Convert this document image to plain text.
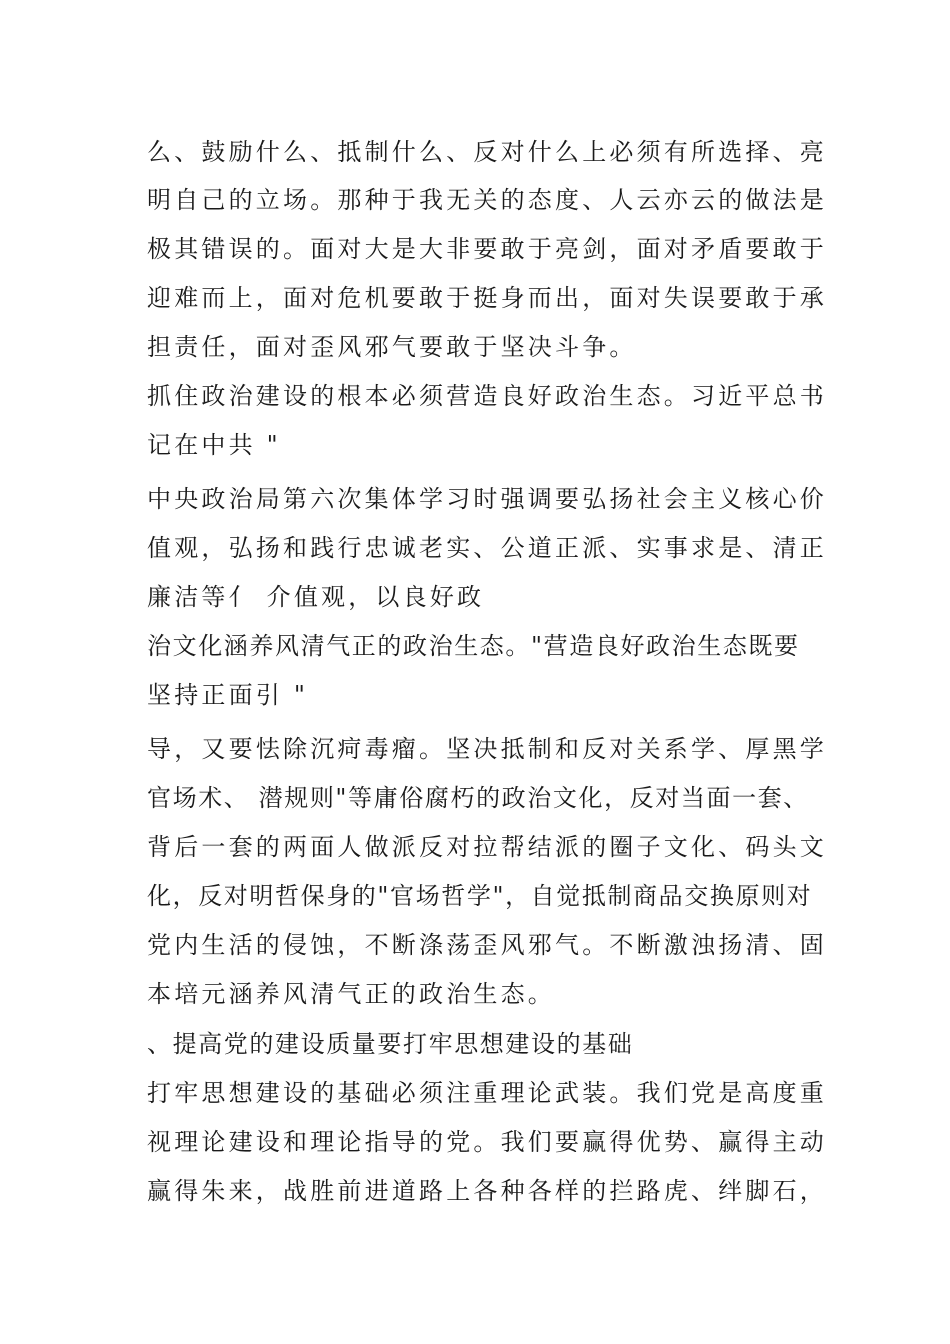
么、鼓励什么、抵制什么、反对什么上必须有所选择、亮
明自己的立场。那种于我无关的态度、人云亦云的做法是
极其错误的。面对大是大非要敢于亮剑，面对矛盾要敢于
迎难而上，面对危机要敢于挺身而出，面对失误要敢于承
担责任，面对歪风邪气要敢于坚决斗争。
抓住政治建设的根本必须营造良好政治生态。习近平总书
记在中共 "
中央政治局第六次集体学习时强调要弘扬社会主义核心价
值观，弘扬和践行忠诚老实、公道正派、实事求是、清正
廉洁等亻 介值观，以良好政
治文化涵养风清气正的政治生态。"营造良好政治生态既要
坚持正面引 "
导，又要怯除沉疴毒瘤。坚决抵制和反对关系学、厚黑学
官场术、 潜规则"等庸俗腐朽的政治文化，反对当面一套、
背后一套的两面人做派反对拉帮结派的圈子文化、码头文
化，反对明哲保身的"官场哲学"，自觉抵制商品交换原则对
党内生活的侵蚀，不断涤荡歪风邪气。不断激浊扬清、固
本培元涵养风清气正的政治生态。
、提高党的建设质量要打牢思想建设的基础
打牢思想建设的基础必须注重理论武装。我们党是高度重
视理论建设和理论指导的党。我们要赢得优势、赢得主动
赢得朱来，战胜前进道路上各种各样的拦路虎、绊脚石，
